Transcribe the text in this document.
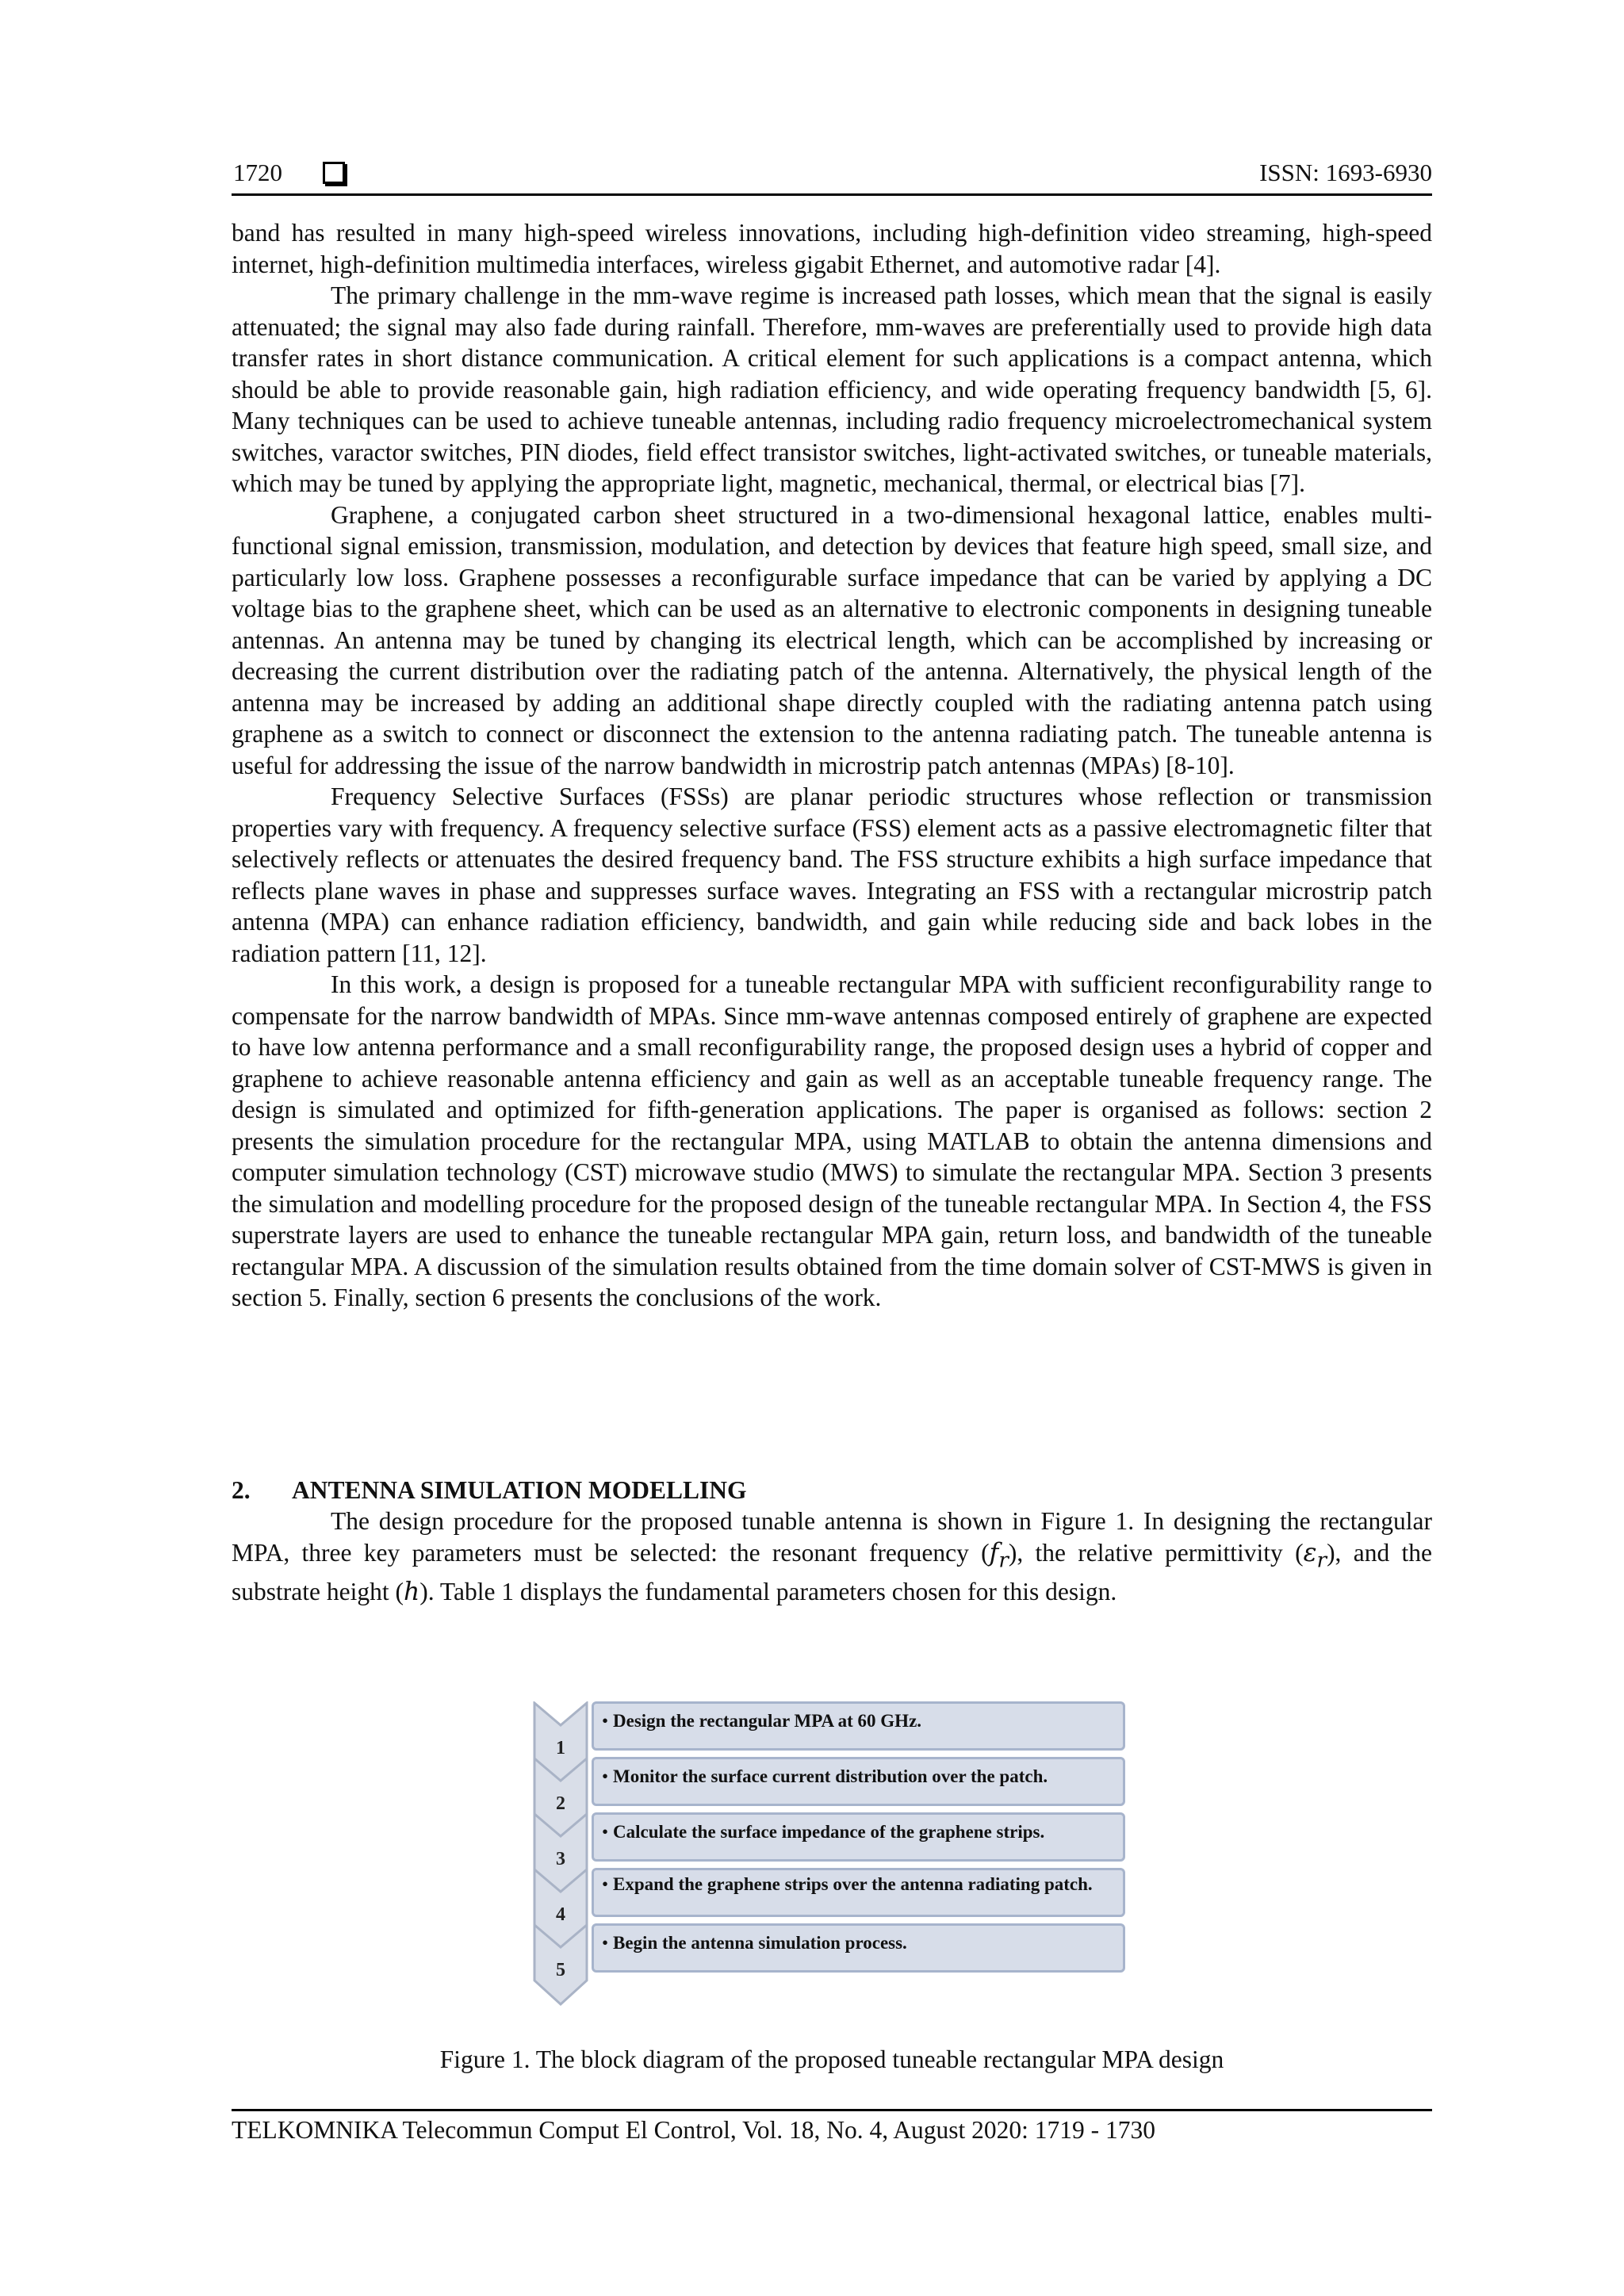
1720	ISSN: 1693-6930

band has resulted in many high-speed wireless innovations, including high-definition video streaming, high-speed internet, high-definition multimedia interfaces, wireless gigabit Ethernet, and automotive radar [4].

The primary challenge in the mm-wave regime is increased path losses, which mean that the signal is easily attenuated; the signal may also fade during rainfall. Therefore, mm-waves are preferentially used to provide high data transfer rates in short distance communication. A critical element for such applications is a compact antenna, which should be able to provide reasonable gain, high radiation efficiency, and wide operating frequency bandwidth [5, 6]. Many techniques can be used to achieve tuneable antennas, including radio frequency microelectromechanical system switches, varactor switches, PIN diodes, field effect transistor switches, light-activated switches, or tuneable materials, which may be tuned by applying the appropriate light, magnetic, mechanical, thermal, or electrical bias [7].

Graphene, a conjugated carbon sheet structured in a two-dimensional hexagonal lattice, enables multi-functional signal emission, transmission, modulation, and detection by devices that feature high speed, small size, and particularly low loss. Graphene possesses a reconfigurable surface impedance that can be varied by applying a DC voltage bias to the graphene sheet, which can be used as an alternative to electronic components in designing tuneable antennas. An antenna may be tuned by changing its electrical length, which can be accomplished by increasing or decreasing the current distribution over the radiating patch of the antenna. Alternatively, the physical length of the antenna may be increased by adding an additional shape directly coupled with the radiating antenna patch using graphene as a switch to connect or disconnect the extension to the antenna radiating patch. The tuneable antenna is useful for addressing the issue of the narrow bandwidth in microstrip patch antennas (MPAs) [8-10].

Frequency Selective Surfaces (FSSs) are planar periodic structures whose reflection or transmission properties vary with frequency. A frequency selective surface (FSS) element acts as a passive electromagnetic filter that selectively reflects or attenuates the desired frequency band. The FSS structure exhibits a high surface impedance that reflects plane waves in phase and suppresses surface waves. Integrating an FSS with a rectangular microstrip patch antenna (MPA) can enhance radiation efficiency, bandwidth, and gain while reducing side and back lobes in the radiation pattern [11, 12].

In this work, a design is proposed for a tuneable rectangular MPA with sufficient reconfigurability range to compensate for the narrow bandwidth of MPAs. Since mm-wave antennas composed entirely of graphene are expected to have low antenna performance and a small reconfigurability range, the proposed design uses a hybrid of copper and graphene to achieve reasonable antenna efficiency and gain as well as an acceptable tuneable frequency range. The design is simulated and optimized for fifth-generation applications. The paper is organised as follows: section 2 presents the simulation procedure for the rectangular MPA, using MATLAB to obtain the antenna dimensions and computer simulation technology (CST) microwave studio (MWS) to simulate the rectangular MPA. Section 3 presents the simulation and modelling procedure for the proposed design of the tuneable rectangular MPA. In Section 4, the FSS superstrate layers are used to enhance the tuneable rectangular MPA gain, return loss, and bandwidth of the tuneable rectangular MPA. A discussion of the simulation results obtained from the time domain solver of CST-MWS is given in section 5. Finally, section 6 presents the conclusions of the work.

2. ANTENNA SIMULATION MODELLING

The design procedure for the proposed tunable antenna is shown in Figure 1. In designing the rectangular MPA, three key parameters must be selected: the resonant frequency $(f_r)$, the relative permittivity $(\varepsilon_r)$, and the substrate height (h). Table 1 displays the fundamental parameters chosen for this design.

1
• Design the rectangular MPA at 60 GHz.
2
• Monitor the surface current distribution over the patch.
3
• Calculate the surface impedance of the graphene strips.
4
• Expand the graphene strips over the antenna radiating patch.
5
• Begin the antenna simulation process.
Figure 1. The block diagram of the proposed tuneable rectangular MPA design
TELKOMNIKA Telecommun Comput El Control, Vol. 18, No. 4, August 2020: 1719 - 1730
